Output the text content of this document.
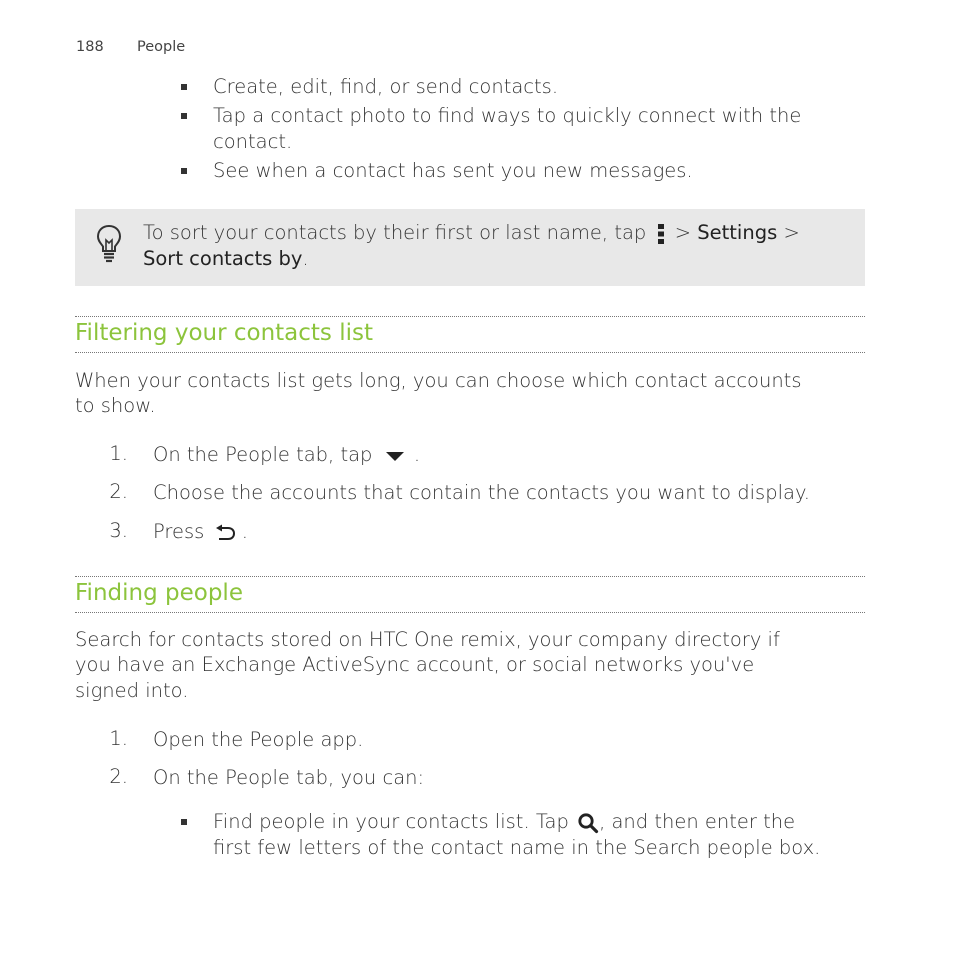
188 People
Create, edit, find, or send contacts.
Tap a contact photo to find ways to quickly connect with the
contact.
See when a contact has sent you new messages.
To sort your contacts by their first or last name, tap > Settings >
Sort contacts by.
Filtering your contacts list
When your contacts list gets long, you can choose which contact accounts
to show.
1. On the People tab, tap .
2. Choose the accounts that contain the contacts you want to display.
3. Press .
Finding people
Search for contacts stored on HTC One remix, your company directory if
you have an Exchange ActiveSync account, or social networks you've
signed into.
1. Open the People app.
2. On the People tab, you can:
Find people in your contacts list. Tap , and then enter the
first few letters of the contact name in the Search people box.
